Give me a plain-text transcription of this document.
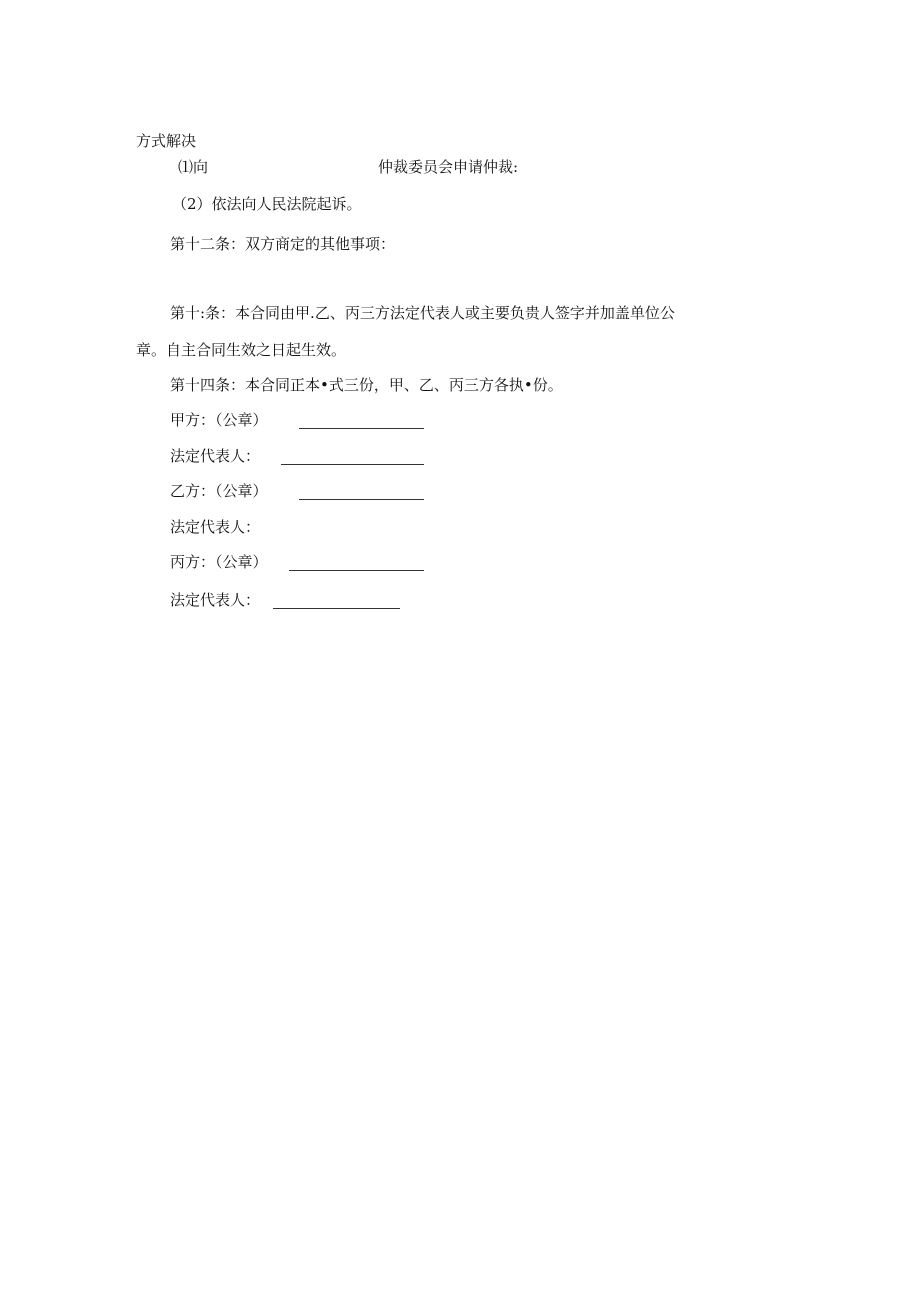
方式解决
⑴向	仲裁委员会申请仲裁:
（2）依法向人民法院起诉。
第十二条：双方商定的其他事项：
第十:条：本合同由甲.乙、丙三方法定代表人或主要负贵人签字并加盖单位公
章。自主合同生效之日起生效。
第十四条：本合同正本•式三份，甲、乙、丙三方各执•份。
甲方：（公章）
法定代表人：
乙方：（公章）
法定代表人：
丙方：（公章）
法定代表人：
